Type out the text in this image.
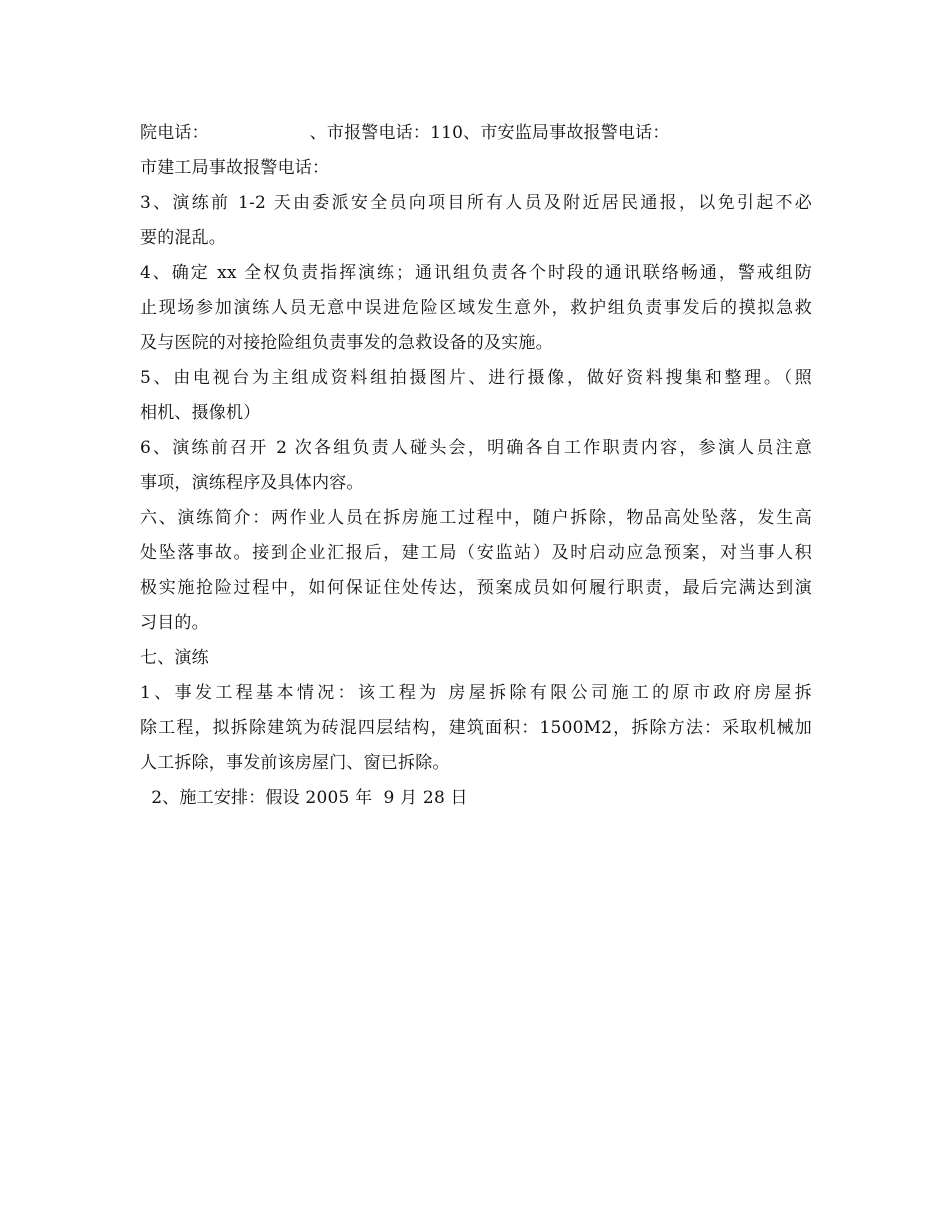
院电话：                  、市报警电话：110、市安监局事故报警电话：
市建工局事故报警电话：
3、演练前 1-2 天由委派安全员向项目所有人员及附近居民通报，以免引起不必
要的混乱。
4、确定 xx 全权负责指挥演练；通讯组负责各个时段的通讯联络畅通，警戒组防
止现场参加演练人员无意中误进危险区域发生意外，救护组负责事发后的摸拟急救
及与医院的对接抢险组负责事发的急救设备的及实施。
5、由电视台为主组成资料组拍摄图片、进行摄像，做好资料搜集和整理。（照
相机、摄像机）
6、演练前召开 2 次各组负责人碰头会，明确各自工作职责内容，参演人员注意
事项，演练程序及具体内容。
六、演练简介：两作业人员在拆房施工过程中，随户拆除，物品高处坠落，发生高
处坠落事故。接到企业汇报后，建工局（安监站）及时启动应急预案，对当事人积
极实施抢险过程中，如何保证住处传达，预案成员如何履行职责，最后完满达到演
习目的。
七、演练
1、事发工程基本情况：该工程为 房屋拆除有限公司施工的原市政府房屋拆
除工程，拟拆除建筑为砖混四层结构，建筑面积：1500M2，拆除方法：采取机械加
人工拆除，事发前该房屋门、窗已拆除。
2、施工安排：假设 2005 年  9 月 28 日
